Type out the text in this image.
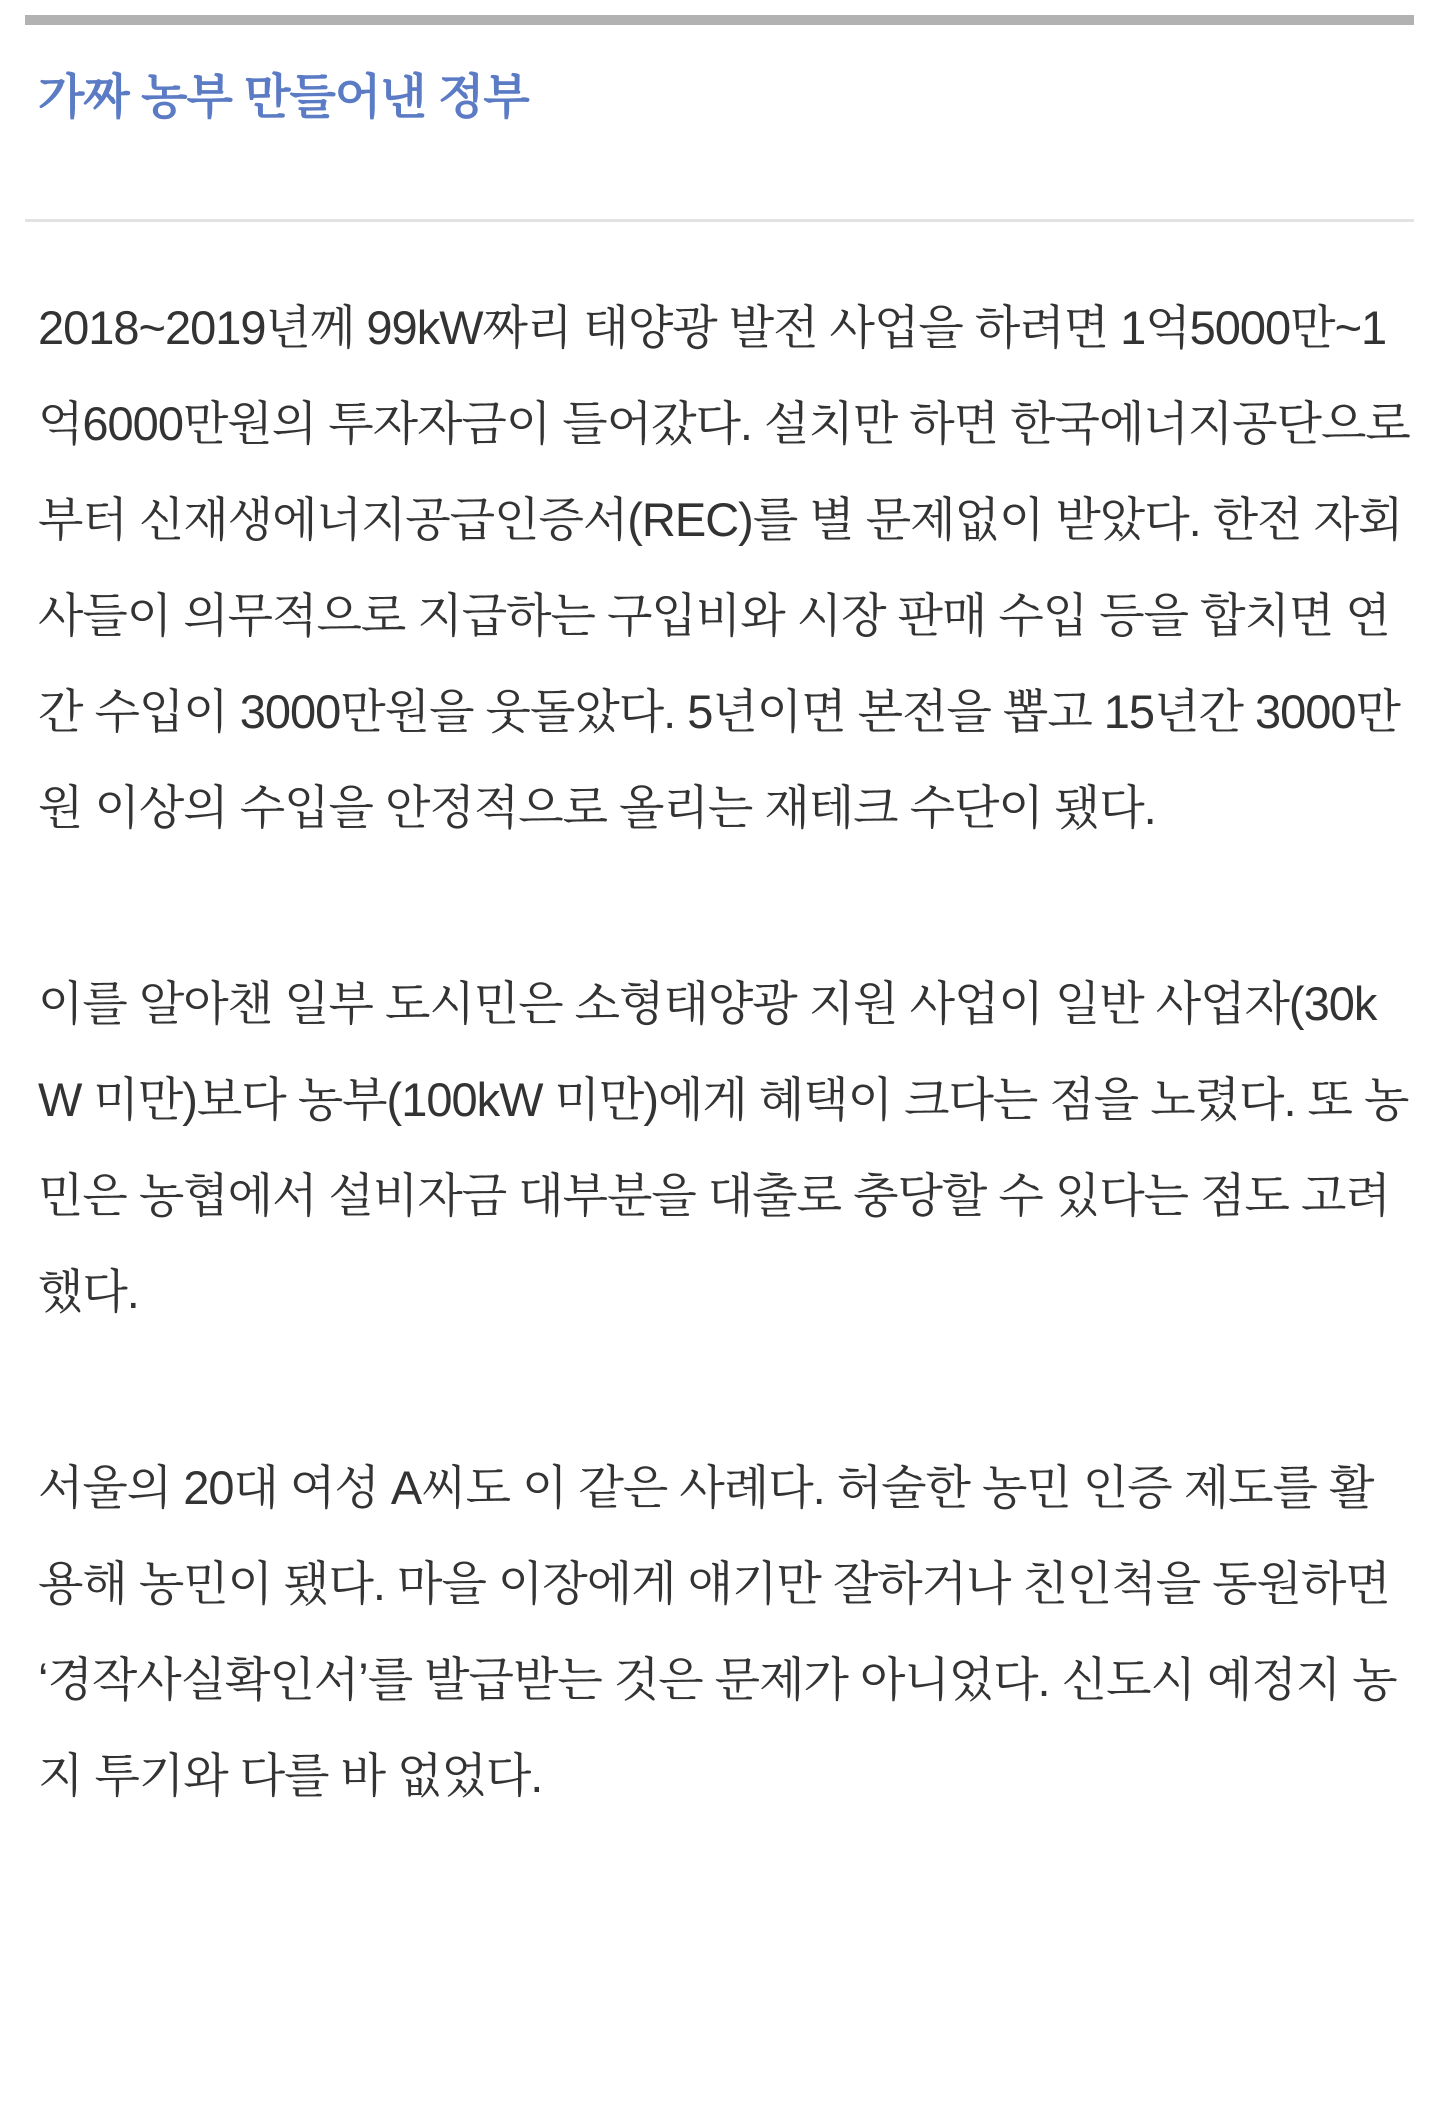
가짜 농부 만들어낸 정부

2018~2019년께 99kW짜리 태양광 발전 사업을 하려면 1억5000만~1억6000만원의 투자자금이 들어갔다. 설치만 하면 한국에너지공단으로부터 신재생에너지공급인증서(REC)를 별 문제없이 받았다. 한전 자회사들이 의무적으로 지급하는 구입비와 시장 판매 수입 등을 합치면 연간 수입이 3000만원을 웃돌았다. 5년이면 본전을 뽑고 15년간 3000만원 이상의 수입을 안정적으로 올리는 재테크 수단이 됐다.

이를 알아챈 일부 도시민은 소형태양광 지원 사업이 일반 사업자(30kW 미만)보다 농부(100kW 미만)에게 혜택이 크다는 점을 노렸다. 또 농민은 농협에서 설비자금 대부분을 대출로 충당할 수 있다는 점도 고려했다.

서울의 20대 여성 A씨도 이 같은 사례다. 허술한 농민 인증 제도를 활용해 농민이 됐다. 마을 이장에게 얘기만 잘하거나 친인척을 동원하면 ‘경작사실확인서’를 발급받는 것은 문제가 아니었다. 신도시 예정지 농지 투기와 다를 바 없었다.
